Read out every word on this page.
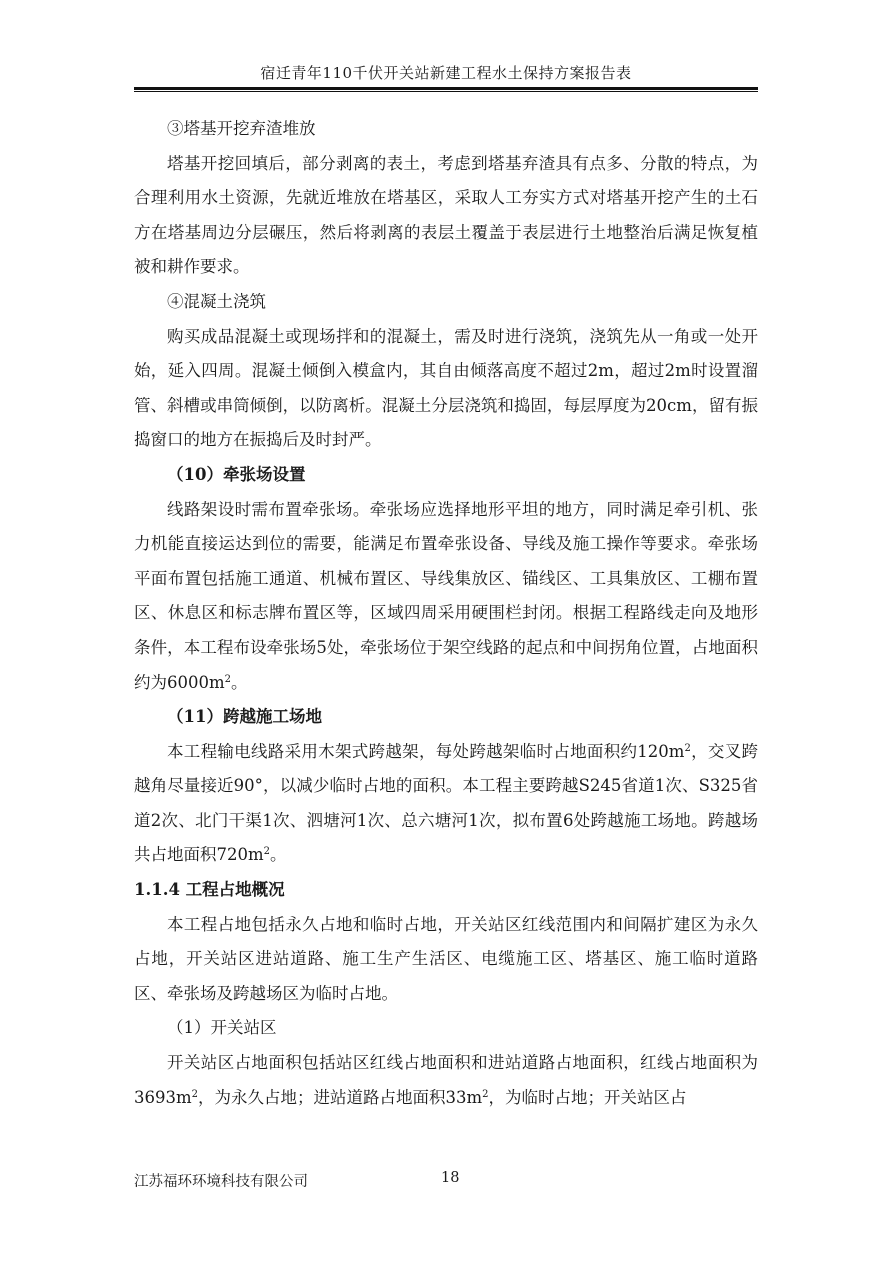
宿迁青年110千伏开关站新建工程水土保持方案报告表

③塔基开挖弃渣堆放

塔基开挖回填后，部分剥离的表土，考虑到塔基弃渣具有点多、分散的特点，为合理利用水土资源，先就近堆放在塔基区，采取人工夯实方式对塔基开挖产生的土石方在塔基周边分层碾压，然后将剥离的表层土覆盖于表层进行土地整治后满足恢复植被和耕作要求。

④混凝土浇筑

购买成品混凝土或现场拌和的混凝土，需及时进行浇筑，浇筑先从一角或一处开始，延入四周。混凝土倾倒入模盒内，其自由倾落高度不超过2m，超过2m时设置溜管、斜槽或串筒倾倒，以防离析。混凝土分层浇筑和捣固，每层厚度为20cm，留有振捣窗口的地方在振捣后及时封严。

（10）牵张场设置

线路架设时需布置牵张场。牵张场应选择地形平坦的地方，同时满足牵引机、张力机能直接运达到位的需要，能满足布置牵张设备、导线及施工操作等要求。牵张场平面布置包括施工通道、机械布置区、导线集放区、锚线区、工具集放区、工棚布置区、休息区和标志牌布置区等，区域四周采用硬围栏封闭。根据工程路线走向及地形条件，本工程布设牵张场5处，牵张场位于架空线路的起点和中间拐角位置，占地面积约为$6000m^2$。

（11）跨越施工场地

本工程输电线路采用木架式跨越架，每处跨越架临时占地面积约$120m^2$，交叉跨越角尽量接近90°，以减少临时占地的面积。本工程主要跨越S245省道1次、S325省道2次、北门干渠1次、泗塘河1次、总六塘河1次，拟布置6处跨越施工场地。跨越场共占地面积$720m^2$。

1.1.4 工程占地概况

本工程占地包括永久占地和临时占地，开关站区红线范围内和间隔扩建区为永久占地，开关站区进站道路、施工生产生活区、电缆施工区、塔基区、施工临时道路区、牵张场及跨越场区为临时占地。

（1）开关站区

开关站区占地面积包括站区红线占地面积和进站道路占地面积，红线占地面积为$3693m^2$，为永久占地；进站道路占地面积$33m^2$，为临时占地；开关站区占

江苏福环环境科技有限公司	18
